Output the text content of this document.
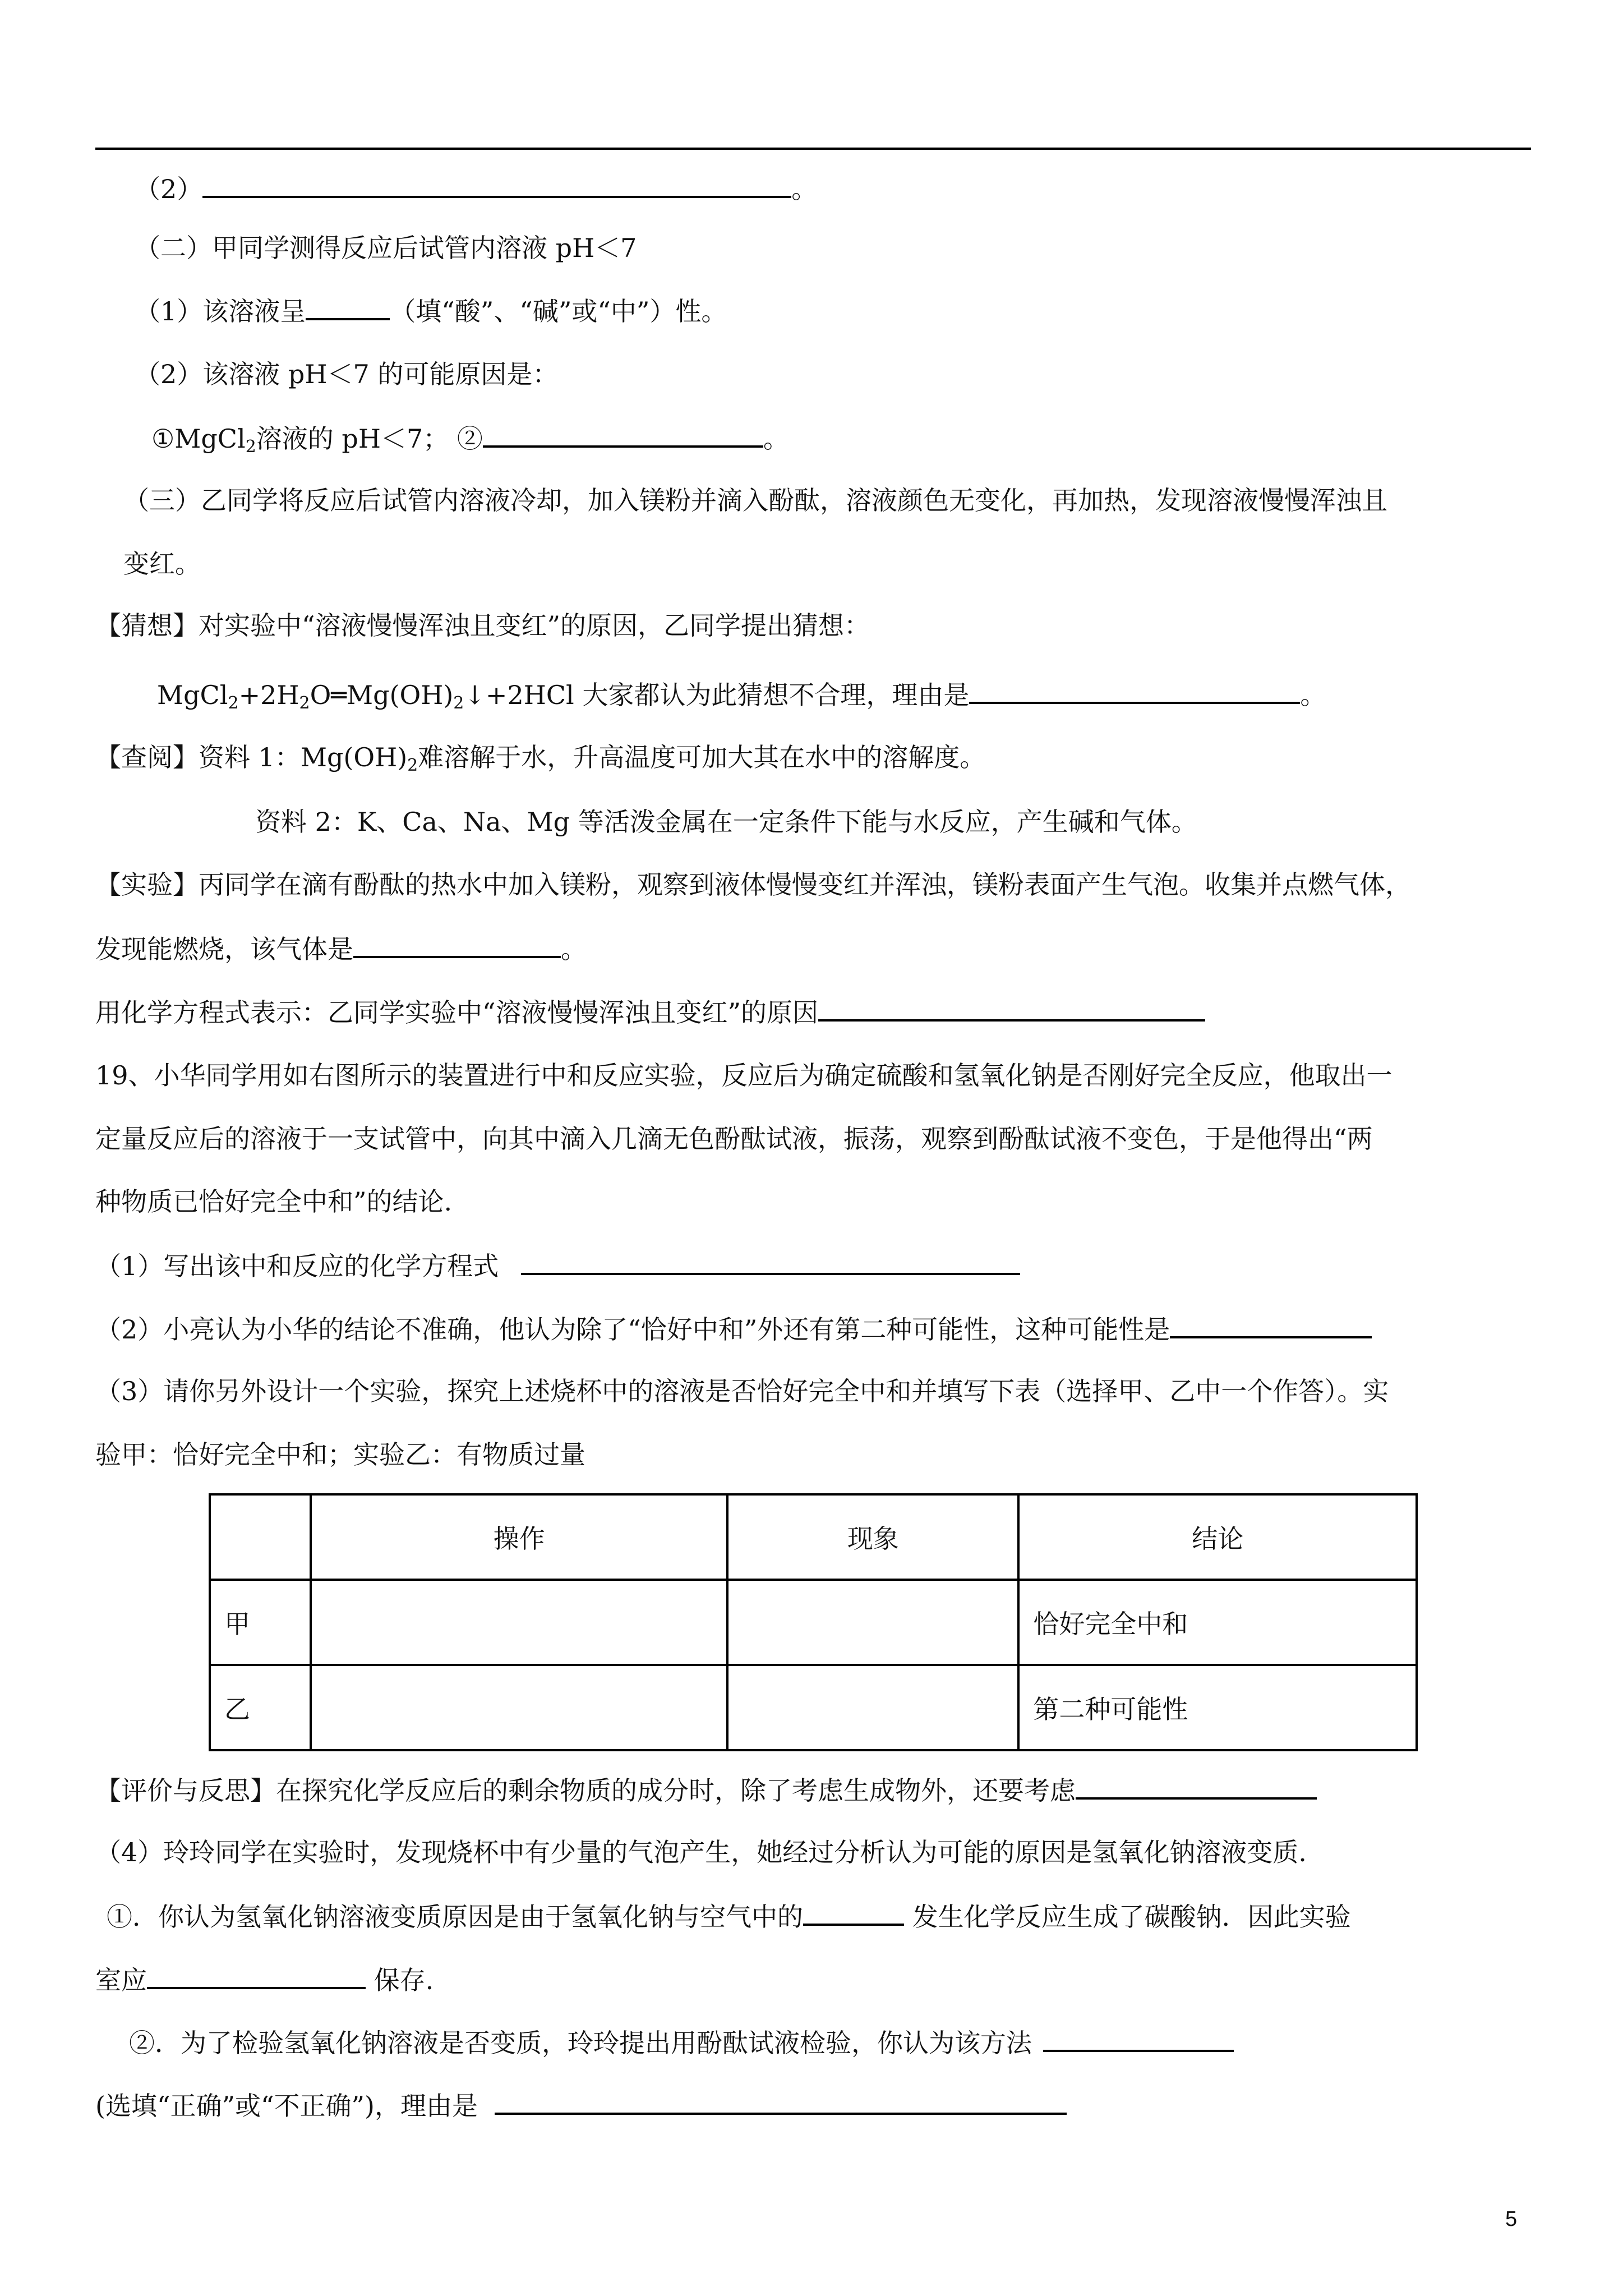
（2）	。
（二）甲同学测得反应后试管内溶液 pH＜7
（1）该溶液呈	（填“酸”、“碱”或“中”）性。
（2）该溶液 pH＜7 的可能原因是：
①MgCl$_2$溶液的 pH＜7； ②	。
（三）乙同学将反应后试管内溶液冷却，加入镁粉并滴入酚酞，溶液颜色无变化，再加热，发现溶液慢慢浑浊且
变红。
【猜想】对实验中“溶液慢慢浑浊且变红”的原因，乙同学提出猜想：
$MgCl_2+2H_2O═Mg(OH)_2↓+2HCl$ 大家都认为此猜想不合理，理由是	。
【查阅】资料 1：$Mg(OH)_2$难溶解于水，升高温度可加大其在水中的溶解度。
资料 2：K、Ca、Na、Mg 等活泼金属在一定条件下能与水反应，产生碱和气体。
【实验】丙同学在滴有酚酞的热水中加入镁粉，观察到液体慢慢变红并浑浊，镁粉表面产生气泡。收集并点燃气体，
发现能燃烧，该气体是	。
用化学方程式表示：乙同学实验中“溶液慢慢浑浊且变红”的原因
19、小华同学用如右图所示的装置进行中和反应实验，反应后为确定硫酸和氢氧化钠是否刚好完全反应，他取出一
定量反应后的溶液于一支试管中，向其中滴入几滴无色酚酞试液，振荡，观察到酚酞试液不变色，于是他得出“两
种物质已恰好完全中和”的结论.
（1）写出该中和反应的化学方程式
（2）小亮认为小华的结论不准确，他认为除了“恰好中和”外还有第二种可能性，这种可能性是
（3）请你另外设计一个实验，探究上述烧杯中的溶液是否恰好完全中和并填写下表（选择甲、乙中一个作答）。实
验甲：恰好完全中和；实验乙：有物质过量
	操作	现象	结论
甲			恰好完全中和
乙			第二种可能性
【评价与反思】在探究化学反应后的剩余物质的成分时，除了考虑生成物外，还要考虑
（4）玲玲同学在实验时，发现烧杯中有少量的气泡产生，她经过分析认为可能的原因是氢氧化钠溶液变质.
①．你认为氢氧化钠溶液变质原因是由于氢氧化钠与空气中的	发生化学反应生成了碳酸钠．因此实验
室应	保存.
②．为了检验氢氧化钠溶液是否变质，玲玲提出用酚酞试液检验，你认为该方法
(选填“正确”或“不正确”)，理由是
5
